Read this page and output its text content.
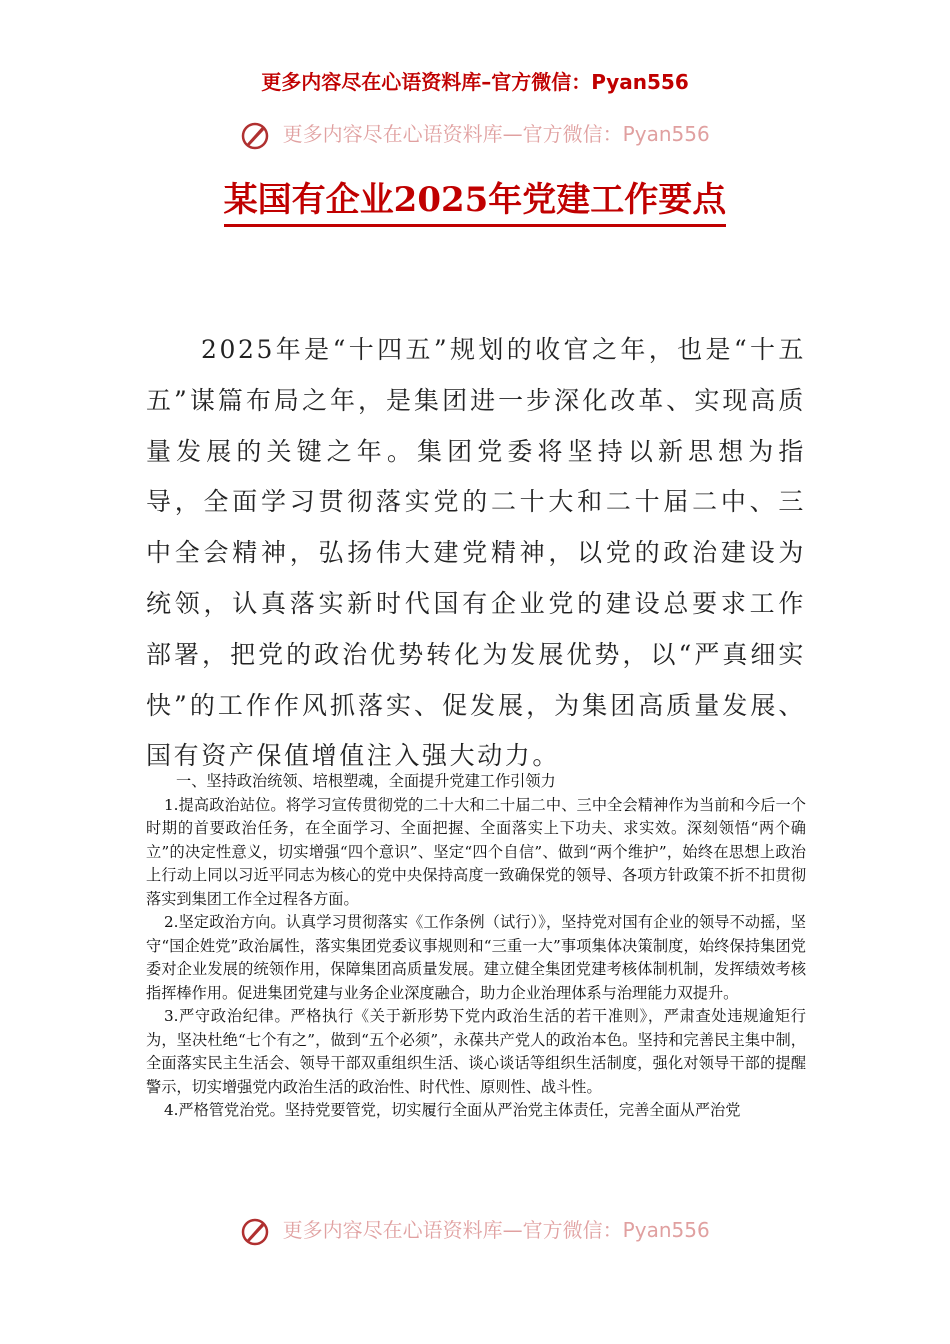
更多内容尽在心语资料库–官方微信：Pyan556
更多内容尽在心语资料库—官方微信：Pyan556
某国有企业2025年党建工作要点
2025年是“十四五”规划的收官之年，也是“十五五”谋篇布局之年，是集团进一步深化改革、实现高质量发展的关键之年。集团党委将坚持以新思想为指导，全面学习贯彻落实党的二十大和二十届二中、三中全会精神，弘扬伟大建党精神，以党的政治建设为统领，认真落实新时代国有企业党的建设总要求工作部署，把党的政治优势转化为发展优势，以“严真细实快”的工作作风抓落实、促发展，为集团高质量发展、国有资产保值增值注入强大动力。

一、坚持政治统领、培根塑魂，全面提升党建工作引领力

1.提高政治站位。将学习宣传贯彻党的二十大和二十届二中、三中全会精神作为当前和今后一个时期的首要政治任务，在全面学习、全面把握、全面落实上下功夫、求实效。深刻领悟“两个确立”的决定性意义，切实增强“四个意识”、坚定“四个自信”、做到“两个维护”，始终在思想上政治上行动上同以习近平同志为核心的党中央保持高度一致确保党的领导、各项方针政策不折不扣贯彻落实到集团工作全过程各方面。

2.坚定政治方向。认真学习贯彻落实《工作条例（试行）》，坚持党对国有企业的领导不动摇，坚守“国企姓党”政治属性，落实集团党委议事规则和“三重一大”事项集体决策制度，始终保持集团党委对企业发展的统领作用，保障集团高质量发展。建立健全集团党建考核体制机制，发挥绩效考核指挥棒作用。促进集团党建与业务企业深度融合，助力企业治理体系与治理能力双提升。

3.严守政治纪律。严格执行《关于新形势下党内政治生活的若干准则》，严肃查处违规逾矩行为，坚决杜绝“七个有之”，做到“五个必须”，永葆共产党人的政治本色。坚持和完善民主集中制，全面落实民主生活会、领导干部双重组织生活、谈心谈话等组织生活制度，强化对领导干部的提醒警示，切实增强党内政治生活的政治性、时代性、原则性、战斗性。

4.严格管党治党。坚持党要管党，切实履行全面从严治党主体责任，完善全面从严治党

更多内容尽在心语资料库—官方微信：Pyan556
